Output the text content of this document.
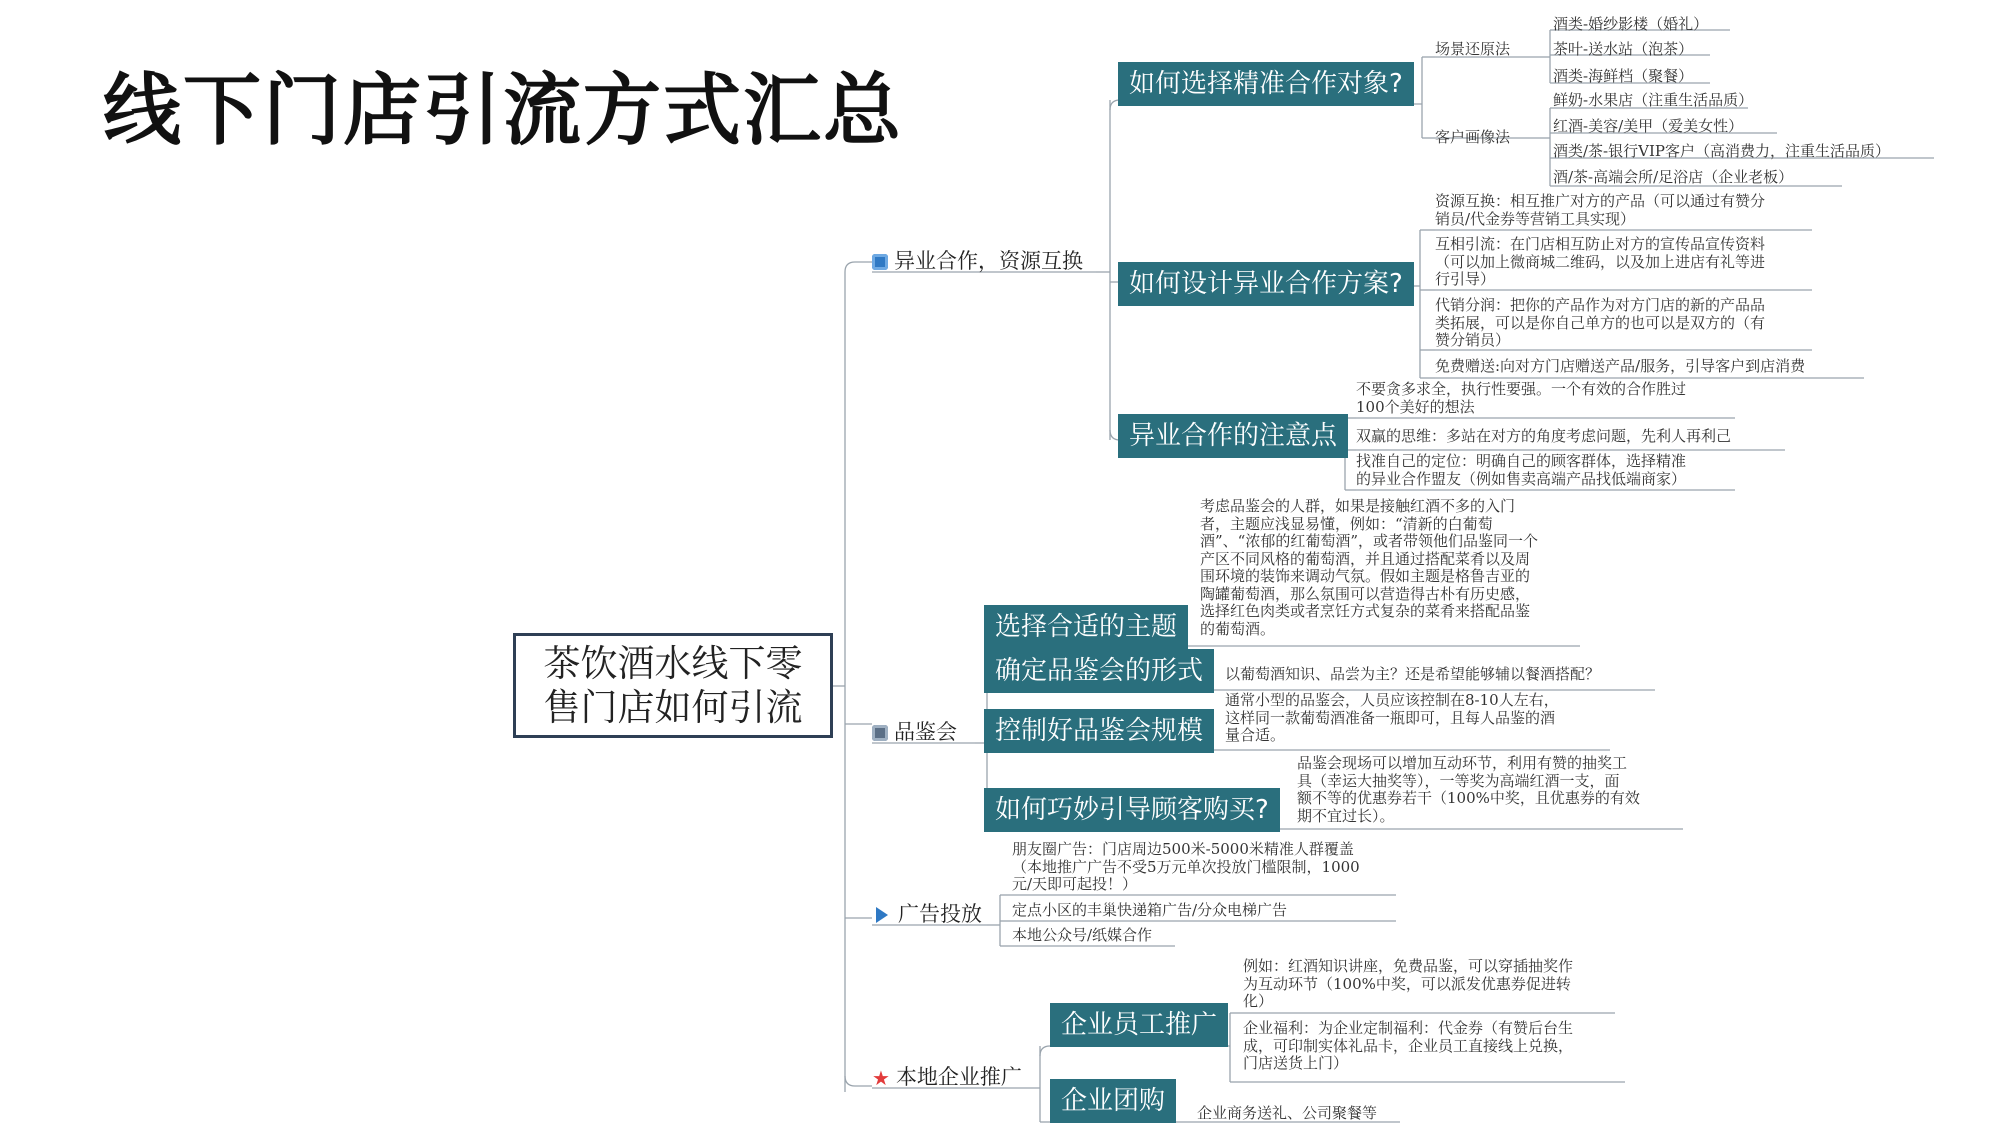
线下门店引流方式汇总
茶饮酒水线下零
售门店如何引流
异业合作，资源互换
品鉴会
广告投放
★ 本地企业推广
如何选择精准合作对象?
如何设计异业合作方案?
异业合作的注意点
场景还原法
客户画像法
酒类-婚纱影楼（婚礼）
茶叶-送水站（泡茶）
酒类-海鲜档（聚餐）
鲜奶-水果店（注重生活品质）
红酒-美容/美甲（爱美女性）
酒类/茶-银行VIP客户（高消费力，注重生活品质）
酒/茶-高端会所/足浴店（企业老板）
资源互换：相互推广对方的产品（可以通过有赞分
销员/代金券等营销工具实现）
互相引流：在门店相互防止对方的宣传品宣传资料
（可以加上微商城二维码，以及加上进店有礼等进
行引导）
代销分润：把你的产品作为对方门店的新的产品品
类拓展，可以是你自己单方的也可以是双方的（有
赞分销员）
免费赠送:向对方门店赠送产品/服务，引导客户到店消费
不要贪多求全，执行性要强。一个有效的合作胜过
100个美好的想法
双赢的思维：多站在对方的角度考虑问题，先利人再利己
找准自己的定位：明确自己的顾客群体，选择精准
的异业合作盟友（例如售卖高端产品找低端商家）
选择合适的主题
确定品鉴会的形式
控制好品鉴会规模
如何巧妙引导顾客购买?
考虑品鉴会的人群，如果是接触红酒不多的入门
者，主题应浅显易懂，例如：“清新的白葡萄
酒”、“浓郁的红葡萄酒”，或者带领他们品鉴同一个
产区不同风格的葡萄酒，并且通过搭配菜肴以及周
围环境的装饰来调动气氛。假如主题是格鲁吉亚的
陶罐葡萄酒，那么氛围可以营造得古朴有历史感，
选择红色肉类或者烹饪方式复杂的菜肴来搭配品鉴
的葡萄酒。
以葡萄酒知识、品尝为主？还是希望能够辅以餐酒搭配？
通常小型的品鉴会，人员应该控制在8-10人左右，
这样同一款葡萄酒准备一瓶即可，且每人品鉴的酒
量合适。
品鉴会现场可以增加互动环节，利用有赞的抽奖工
具（幸运大抽奖等），一等奖为高端红酒一支，面
额不等的优惠券若干（100%中奖，且优惠券的有效
期不宜过长）。
朋友圈广告：门店周边500米-5000米精准人群覆盖
（本地推广广告不受5万元单次投放门槛限制，1000
元/天即可起投！）
定点小区的丰巢快递箱广告/分众电梯广告
本地公众号/纸媒合作
企业员工推广
企业团购
例如：红酒知识讲座，免费品鉴，可以穿插抽奖作
为互动环节（100%中奖，可以派发优惠券促进转
化）
企业福利：为企业定制福利：代金券（有赞后台生
成，可印制实体礼品卡，企业员工直接线上兑换，
门店送货上门）
企业商务送礼、公司聚餐等
